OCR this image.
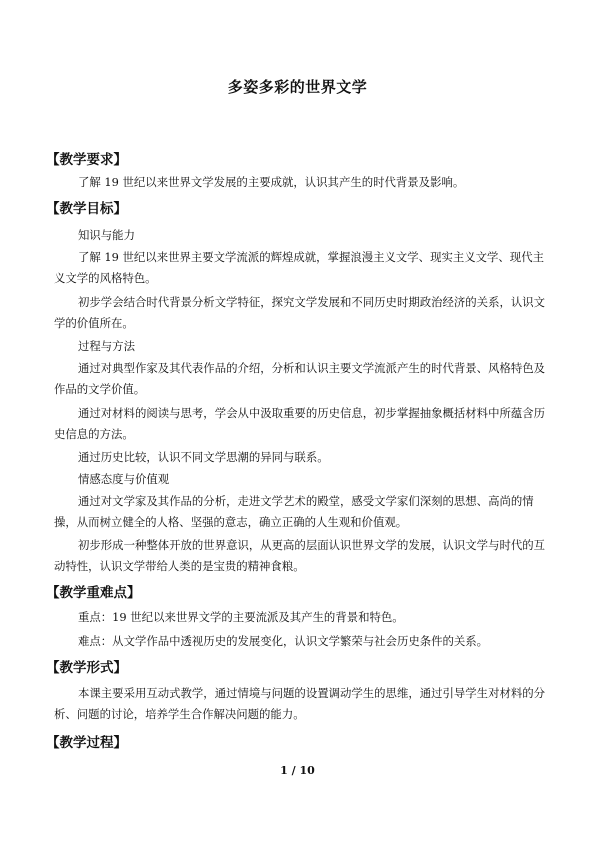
多姿多彩的世界文学
【教学要求】

了解 19 世纪以来世界文学发展的主要成就，认识其产生的时代背景及影响。

【教学目标】
知识与能力

了解 19 世纪以来世界主要文学流派的辉煌成就，掌握浪漫主义文学、现实主义文学、现代主义文学的风格特色。

初步学会结合时代背景分析文学特征，探究文学发展和不同历史时期政治经济的关系，认识文学的价值所在。

过程与方法

通过对典型作家及其代表作品的介绍，分析和认识主要文学流派产生的时代背景、风格特色及作品的文学价值。

通过对材料的阅读与思考，学会从中汲取重要的历史信息，初步掌握抽象概括材料中所蕴含历史信息的方法。

通过历史比较，认识不同文学思潮的异同与联系。

情感态度与价值观

通过对文学家及其作品的分析，走进文学艺术的殿堂，感受文学家们深刻的思想、高尚的情操，从而树立健全的人格、坚强的意志，确立正确的人生观和价值观。

初步形成一种整体开放的世界意识，从更高的层面认识世界文学的发展，认识文学与时代的互动特性，认识文学带给人类的是宝贵的精神食粮。

【教学重难点】

重点：19 世纪以来世界文学的主要流派及其产生的背景和特色。

难点：从文学作品中透视历史的发展变化，认识文学繁荣与社会历史条件的关系。

【教学形式】

本课主要采用互动式教学，通过情境与问题的设置调动学生的思维，通过引导学生对材料的分析、问题的讨论，培养学生合作解决问题的能力。

【教学过程】
1 / 10
